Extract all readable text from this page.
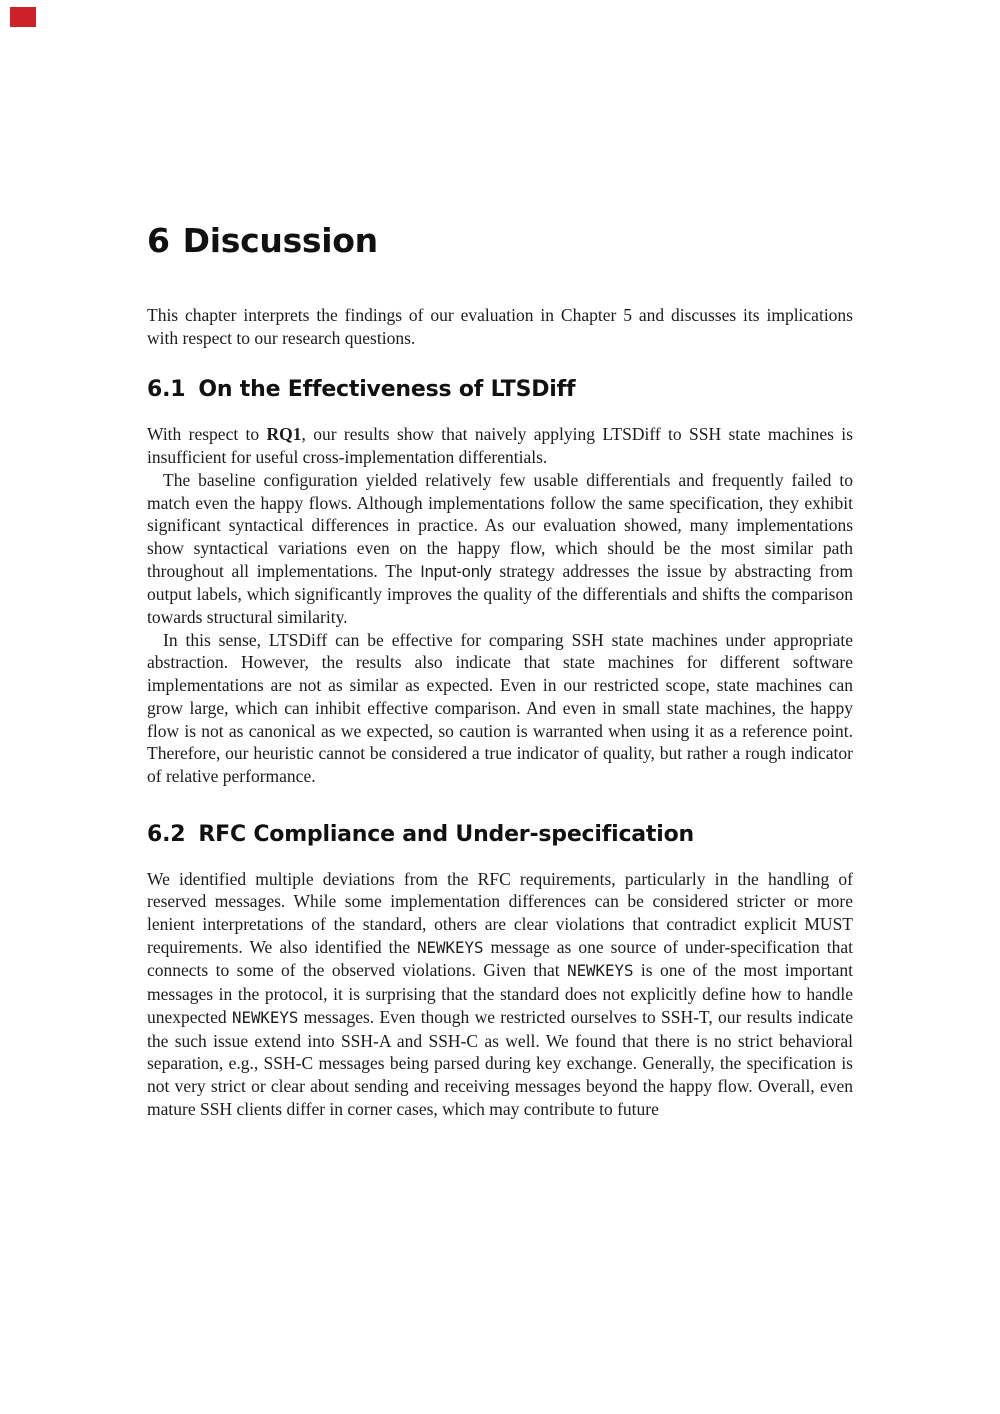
6 Discussion

This chapter interprets the findings of our evaluation in Chapter 5 and discusses its implications with respect to our research questions.

6.1 On the Effectiveness of LTSDiff

With respect to RQ1, our results show that naively applying LTSDiff to SSH state machines is insufficient for useful cross-implementation differentials.

The baseline configuration yielded relatively few usable differentials and frequently failed to match even the happy flows. Although implementations follow the same specification, they exhibit significant syntactical differences in practice. As our evaluation showed, many implementations show syntactical variations even on the happy flow, which should be the most similar path throughout all implementations. The Input-only strategy addresses the issue by abstracting from output labels, which significantly improves the quality of the differentials and shifts the comparison towards structural similarity.

In this sense, LTSDiff can be effective for comparing SSH state machines under appropriate abstraction. However, the results also indicate that state machines for different software implementations are not as similar as expected. Even in our restricted scope, state machines can grow large, which can inhibit effective comparison. And even in small state machines, the happy flow is not as canonical as we expected, so caution is warranted when using it as a reference point. Therefore, our heuristic cannot be considered a true indicator of quality, but rather a rough indicator of relative performance.

6.2 RFC Compliance and Under-specification

We identified multiple deviations from the RFC requirements, particularly in the handling of reserved messages. While some implementation differences can be considered stricter or more lenient interpretations of the standard, others are clear violations that contradict explicit MUST requirements. We also identified the NEWKEYS message as one source of under-specification that connects to some of the observed violations. Given that NEWKEYS is one of the most important messages in the protocol, it is surprising that the standard does not explicitly define how to handle unexpected NEWKEYS messages. Even though we restricted ourselves to SSH-T, our results indicate the such issue extend into SSH-A and SSH-C as well. We found that there is no strict behavioral separation, e.g., SSH-C messages being parsed during key exchange. Generally, the specification is not very strict or clear about sending and receiving messages beyond the happy flow. Overall, even mature SSH clients differ in corner cases, which may contribute to future
